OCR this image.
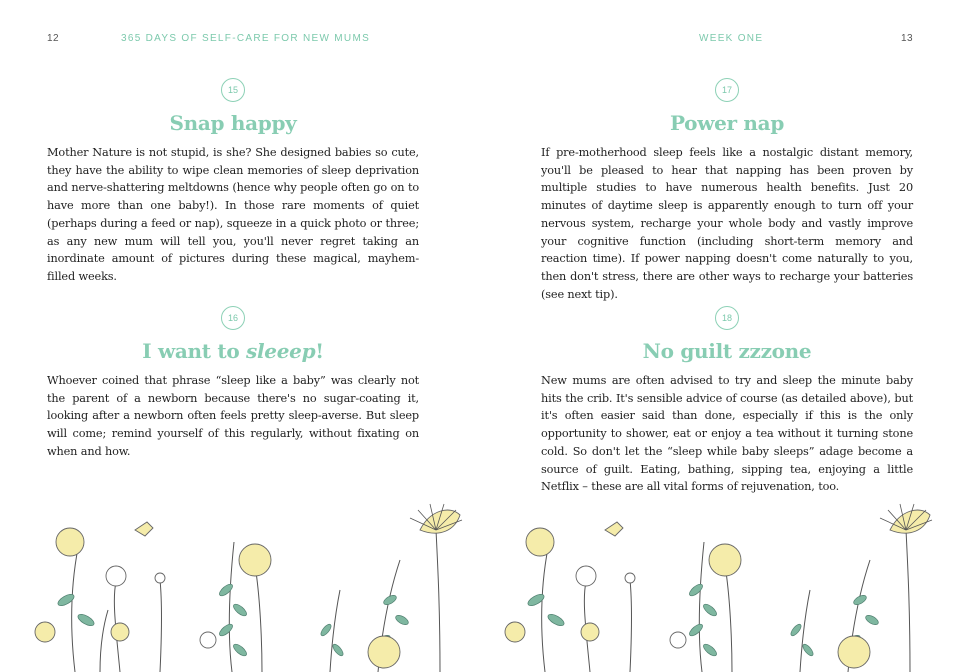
12	365 DAYS OF SELF-CARE FOR NEW MUMS
15
Snap happy

Mother Nature is not stupid, is she? She designed babies so cute, they have the ability to wipe clean memories of sleep deprivation and nerve-shattering meltdowns (hence why people often go on to have more than one baby!). In those rare moments of quiet (perhaps during a feed or nap), squeeze in a quick photo or three; as any new mum will tell you, you'll never regret taking an inordinate amount of pictures during these magical, mayhem-filled weeks.

16
I want to sleeep!

Whoever coined that phrase “sleep like a baby” was clearly not the parent of a newborn because there's no sugar-coating it, looking after a newborn often feels pretty sleep-averse. But sleep will come; remind yourself of this regularly, without fixating on when and how.

WEEK ONE	13
17
Power nap

If pre-motherhood sleep feels like a nostalgic distant memory, you'll be pleased to hear that napping has been proven by multiple studies to have numerous health benefits. Just 20 minutes of daytime sleep is apparently enough to turn off your nervous system, recharge your whole body and vastly improve your cognitive function (including short-term memory and reaction time). If power napping doesn't come naturally to you, then don't stress, there are other ways to recharge your batteries (see next tip).

18
No guilt zzzone

New mums are often advised to try and sleep the minute baby hits the crib. It's sensible advice of course (as detailed above), but it's often easier said than done, especially if this is the only opportunity to shower, eat or enjoy a tea without it turning stone cold. So don't let the “sleep while baby sleeps” adage become a source of guilt. Eating, bathing, sipping tea, enjoying a little Netflix – these are all vital forms of rejuvenation, too.
